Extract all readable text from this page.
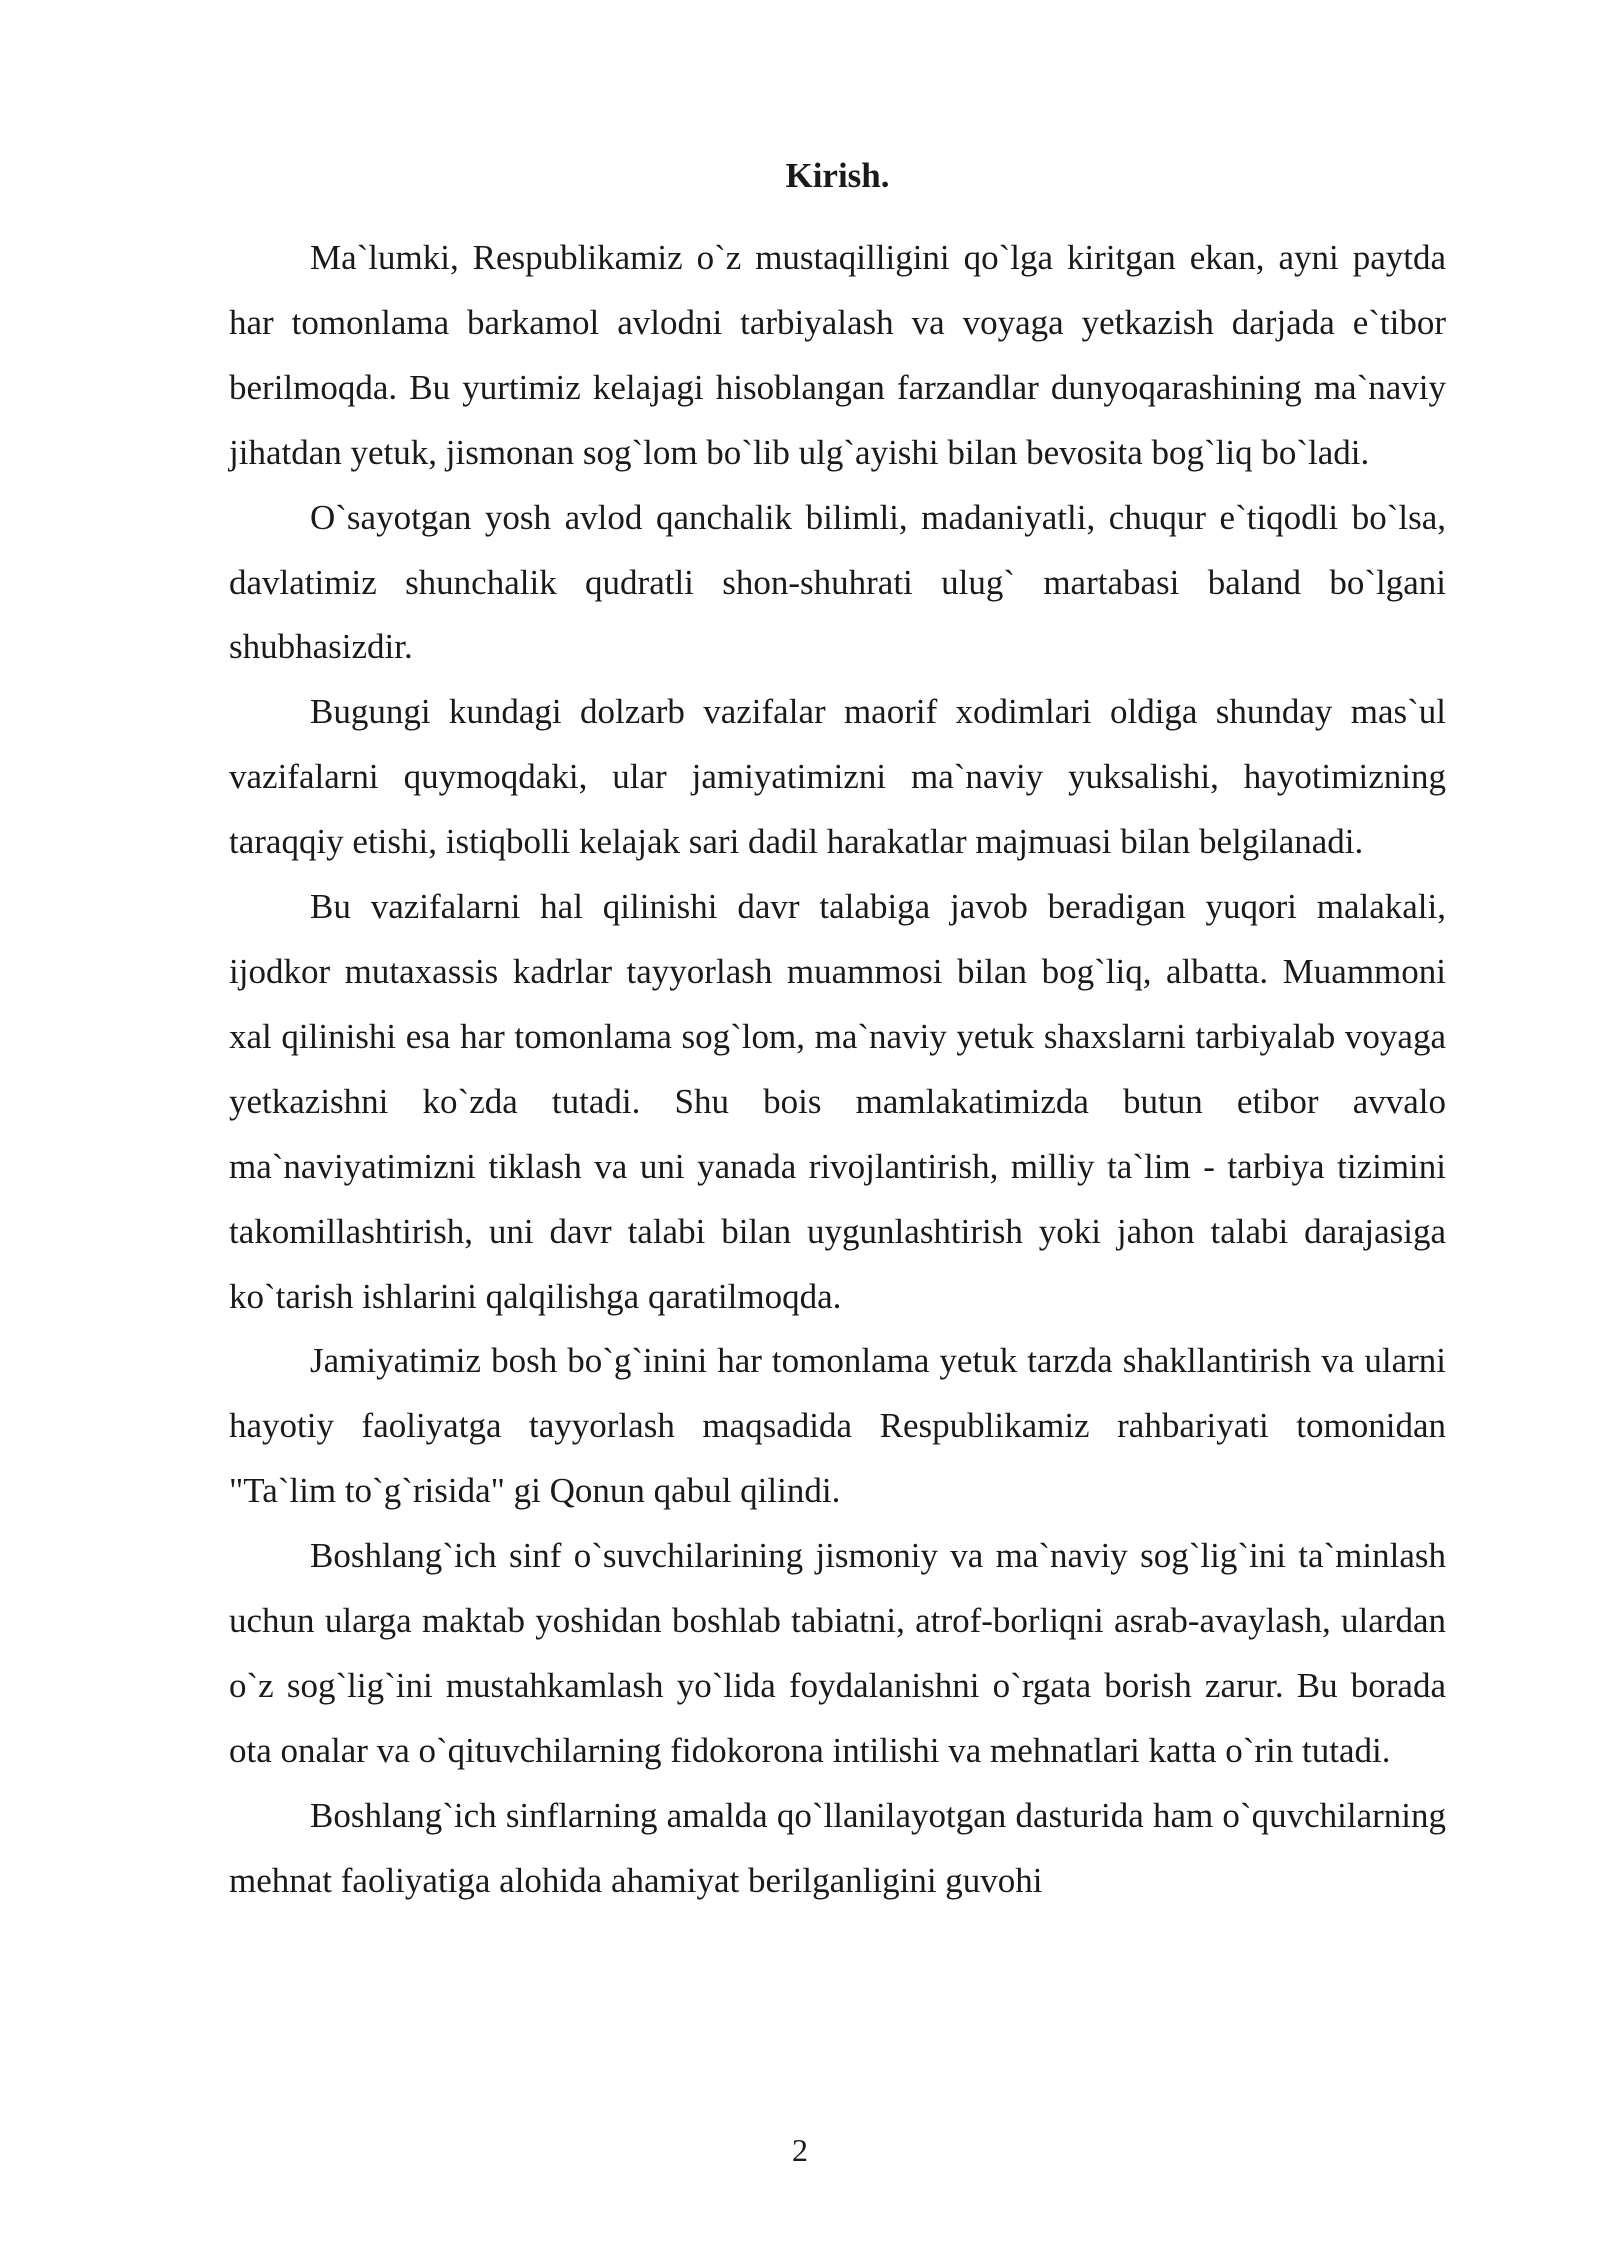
Kirish.

Ma`lumki, Respublikamiz o`z mustaqilligini qo`lga kiritgan ekan, ayni paytda har tomonlama barkamol avlodni tarbiyalash va voyaga yetkazish darjada e`tibor berilmoqda. Bu yurtimiz kelajagi hisoblangan farzandlar dunyoqarashining ma`naviy jihatdan yetuk, jismonan sog`lom bo`lib ulg`ayishi bilan bevosita bog`liq bo`ladi.

O`sayotgan yosh avlod qanchalik bilimli, madaniyatli, chuqur e`tiqodli bo`lsa, davlatimiz shunchalik qudratli shon-shuhrati ulug` martabasi baland bo`lgani shubhasizdir.

Bugungi kundagi dolzarb vazifalar maorif xodimlari oldiga shunday mas`ul vazifalarni quymoqdaki, ular jamiyatimizni ma`naviy yuksalishi, hayotimizning taraqqiy etishi, istiqbolli kelajak sari dadil harakatlar majmuasi bilan belgilanadi.

Bu vazifalarni hal qilinishi davr talabiga javob beradigan yuqori malakali, ijodkor mutaxassis kadrlar tayyorlash muammosi bilan bog`liq, albatta. Muammoni xal qilinishi esa har tomonlama sog`lom, ma`naviy yetuk shaxslarni tarbiyalab voyaga yetkazishni ko`zda tutadi. Shu bois mamlakatimizda butun etibor avvalo ma`naviyatimizni tiklash va uni yanada rivojlantirish, milliy ta`lim - tarbiya tizimini takomillashtirish, uni davr talabi bilan uygunlashtirish yoki jahon talabi darajasiga ko`tarish ishlarini qalqilishga qaratilmoqda.

Jamiyatimiz bosh bo`g`inini har tomonlama yetuk tarzda shakllantirish va ularni hayotiy faoliyatga tayyorlash maqsadida Respublikamiz rahbariyati tomonidan "Ta`lim to`g`risida" gi Qonun qabul qilindi.

Boshlang`ich sinf o`suvchilarining jismoniy va ma`naviy sog`lig`ini ta`minlash uchun ularga maktab yoshidan boshlab tabiatni, atrof-borliqni asrab-avaylash, ulardan o`z sog`lig`ini mustahkamlash yo`lida foydalanishni o`rgata borish zarur. Bu borada ota onalar va o`qituvchilarning fidokorona intilishi va mehnatlari katta o`rin tutadi.

Boshlang`ich sinflarning amalda qo`llanilayotgan dasturida ham o`quvchilarning mehnat faoliyatiga alohida ahamiyat berilganligini guvohi

2
